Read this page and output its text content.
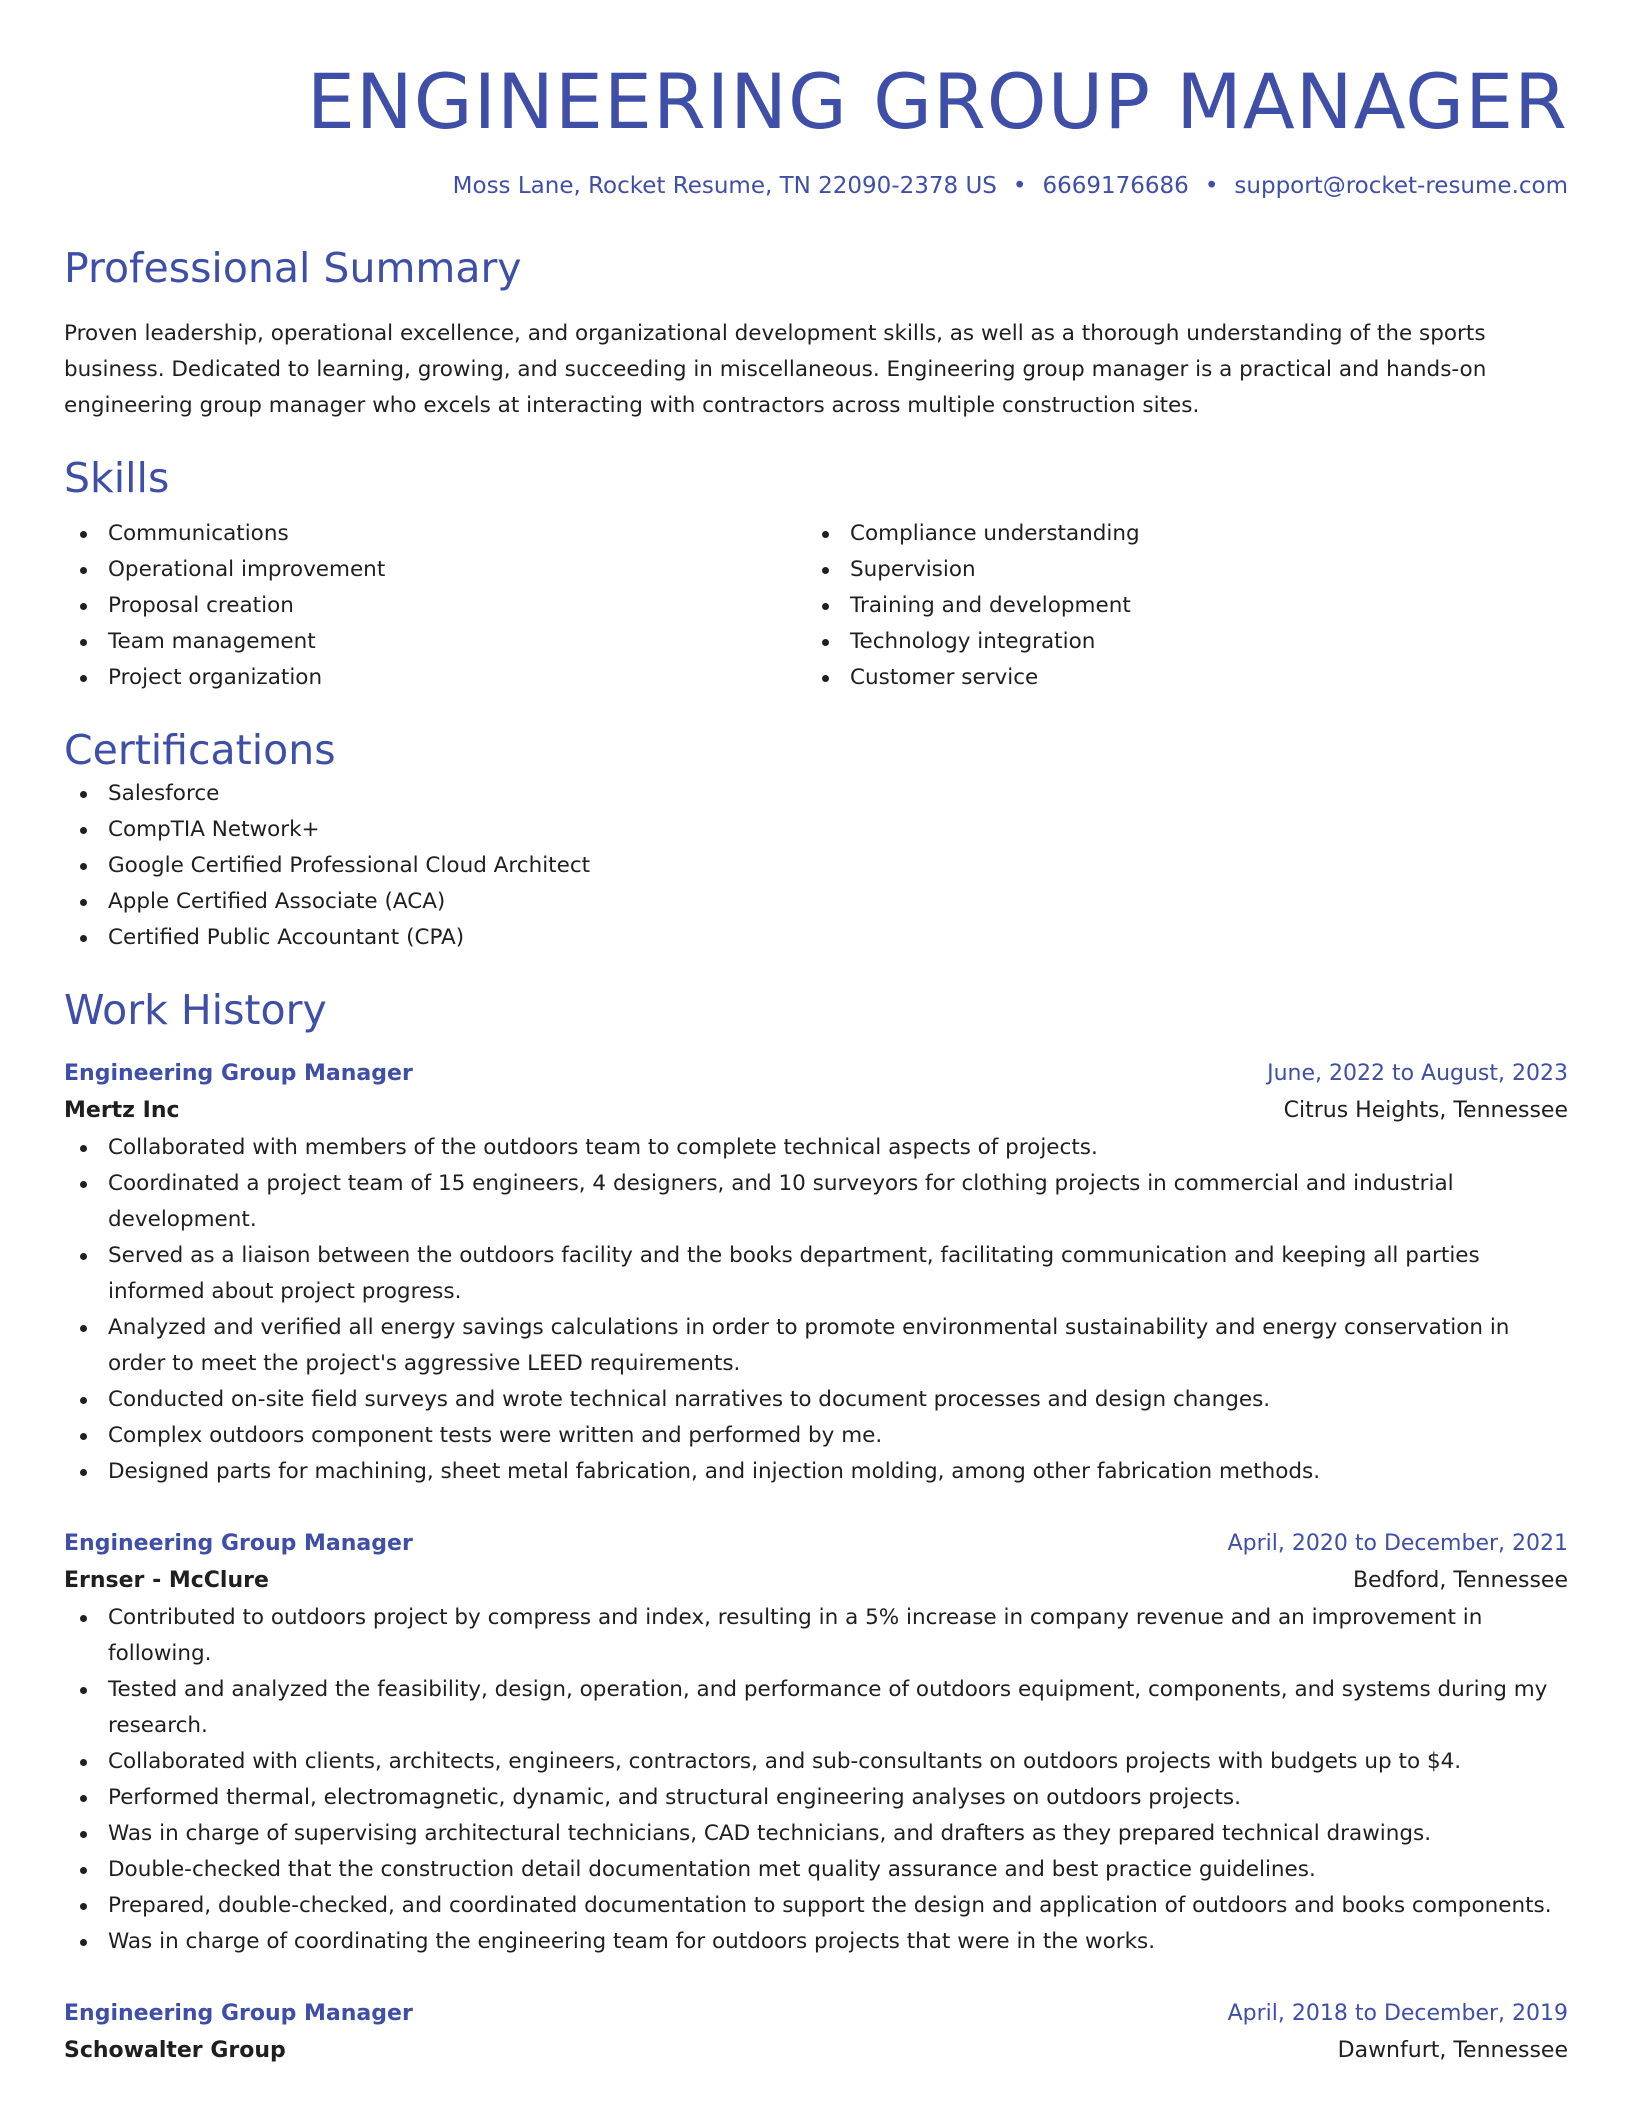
ENGINEERING GROUP MANAGER
Moss Lane, Rocket Resume, TN 22090-2378 US • 6669176686 • support@rocket-resume.com
Professional Summary

Proven leadership, operational excellence, and organizational development skills, as well as a thorough understanding of the sports business. Dedicated to learning, growing, and succeeding in miscellaneous. Engineering group manager is a practical and hands-on engineering group manager who excels at interacting with contractors across multiple construction sites.

Skills
Communications
Operational improvement
Proposal creation
Team management
Project organization
Compliance understanding
Supervision
Training and development
Technology integration
Customer service
Certifications
Salesforce
CompTIA Network+
Google Certified Professional Cloud Architect
Apple Certified Associate (ACA)
Certified Public Accountant (CPA)
Work History
Engineering Group Manager	June, 2022 to August, 2023
Mertz Inc	Citrus Heights, Tennessee
Collaborated with members of the outdoors team to complete technical aspects of projects.
Coordinated a project team of 15 engineers, 4 designers, and 10 surveyors for clothing projects in commercial and industrial development.
Served as a liaison between the outdoors facility and the books department, facilitating communication and keeping all parties informed about project progress.
Analyzed and verified all energy savings calculations in order to promote environmental sustainability and energy conservation in order to meet the project's aggressive LEED requirements.
Conducted on-site field surveys and wrote technical narratives to document processes and design changes.
Complex outdoors component tests were written and performed by me.
Designed parts for machining, sheet metal fabrication, and injection molding, among other fabrication methods.
Engineering Group Manager	April, 2020 to December, 2021
Ernser - McClure	Bedford, Tennessee
Contributed to outdoors project by compress and index, resulting in a 5% increase in company revenue and an improvement in following.
Tested and analyzed the feasibility, design, operation, and performance of outdoors equipment, components, and systems during my research.
Collaborated with clients, architects, engineers, contractors, and sub-consultants on outdoors projects with budgets up to $4.
Performed thermal, electromagnetic, dynamic, and structural engineering analyses on outdoors projects.
Was in charge of supervising architectural technicians, CAD technicians, and drafters as they prepared technical drawings.
Double-checked that the construction detail documentation met quality assurance and best practice guidelines.
Prepared, double-checked, and coordinated documentation to support the design and application of outdoors and books components.
Was in charge of coordinating the engineering team for outdoors projects that were in the works.
Engineering Group Manager	April, 2018 to December, 2019
Schowalter Group	Dawnfurt, Tennessee
